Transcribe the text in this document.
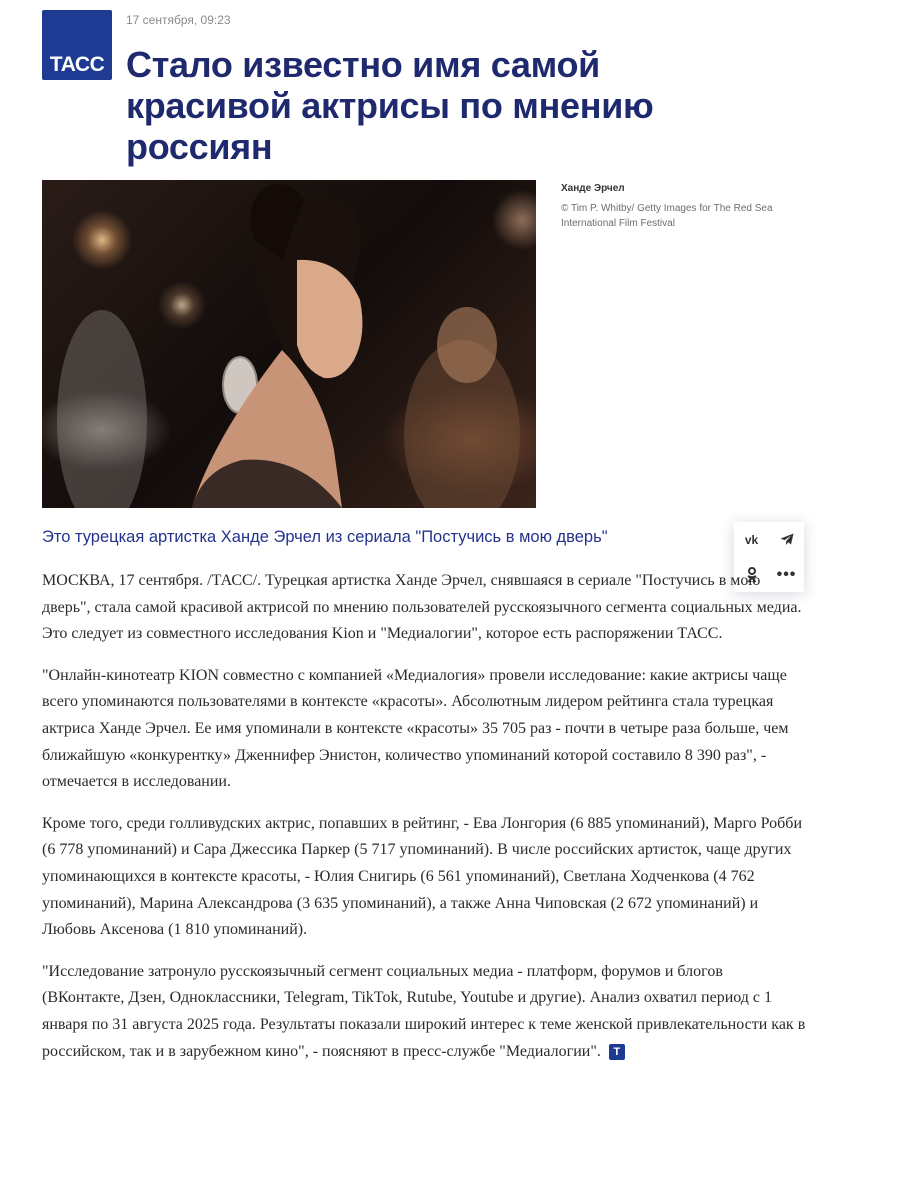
ТАСС
17 сентября, 09:23
Стало известно имя самой красивой актрисы по мнению россиян
Ханде Эрчел
© Tim P. Whitby/ Getty Images for The Red Sea International Film Festival

Это турецкая артистка Ханде Эрчел из сериала "Постучись в мою дверь"	vk
•••

МОСКВА, 17 сентября. /ТАСС/. Турецкая артистка Ханде Эрчел, снявшаяся в сериале "Постучись в мою дверь", стала самой красивой актрисой по мнению пользователей русскоязычного сегмента социальных медиа. Это следует из совместного исследования Kion и "Медиалогии", которое есть распоряжении ТАСС.

"Онлайн-кинотеатр KION совместно с компанией «Медиалогия» провели исследование: какие актрисы чаще всего упоминаются пользователями в контексте «красоты». Абсолютным лидером рейтинга стала турецкая актриса Ханде Эрчел. Ее имя упоминали в контексте «красоты» 35 705 раз - почти в четыре раза больше, чем ближайшую «конкурентку» Дженнифер Энистон, количество упоминаний которой составило 8 390 раз", - отмечается в исследовании.

Кроме того, среди голливудских актрис, попавших в рейтинг, - Ева Лонгория (6 885 упоминаний), Марго Робби (6 778 упоминаний) и Сара Джессика Паркер (5 717 упоминаний). В числе российских артисток, чаще других упоминающихся в контексте красоты, - Юлия Снигирь (6 561 упоминаний), Светлана Ходченкова (4 762 упоминаний), Марина Александрова (3 635 упоминаний), а также Анна Чиповская (2 672 упоминаний) и Любовь Аксенова (1 810 упоминаний).

"Исследование затронуло русскоязычный сегмент социальных медиа - платформ, форумов и блогов (ВКонтакте, Дзен, Одноклассники, Telegram, TikTok, Rutube, Youtube и другие). Анализ охватил период с 1 января по 31 августа 2025 года. Результаты показали широкий интерес к теме женской привлекательности как в российском, так и в зарубежном кино", - поясняют в пресс-службе "Медиалогии". Т
